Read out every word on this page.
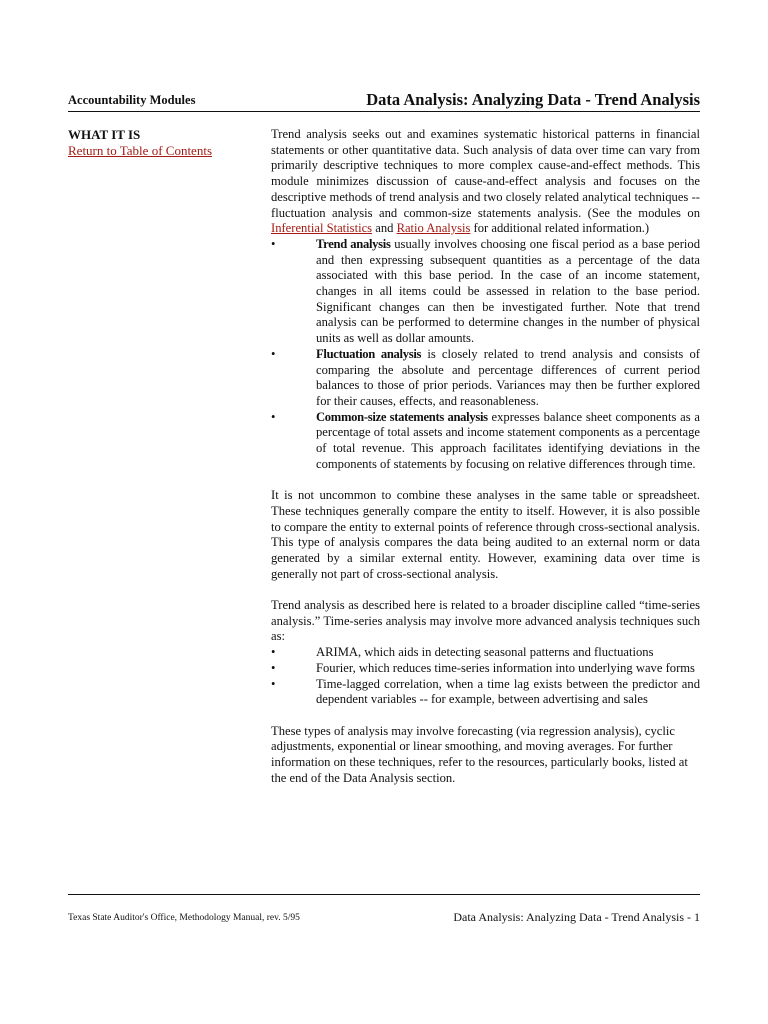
Accountability Modules	Data Analysis: Analyzing Data - Trend Analysis
WHAT IT IS
Return to Table of Contents

Trend analysis seeks out and examines systematic historical patterns in financial statements or other quantitative data. Such analysis of data over time can vary from primarily descriptive techniques to more complex cause-and-effect methods. This module minimizes discussion of cause-and-effect analysis and focuses on the descriptive methods of trend analysis and two closely related analytical techniques -- fluctuation analysis and common-size statements analysis. (See the modules on Inferential Statistics and Ratio Analysis for additional related information.)

•	Trend analysis usually involves choosing one fiscal period as a base period and then expressing subsequent quantities as a percentage of the data associated with this base period. In the case of an income statement, changes in all items could be assessed in relation to the base period. Significant changes can then be investigated further. Note that trend analysis can be performed to determine changes in the number of physical units as well as dollar amounts.
•	Fluctuation analysis is closely related to trend analysis and consists of comparing the absolute and percentage differences of current period balances to those of prior periods. Variances may then be further explored for their causes, effects, and reasonableness.
•	Common-size statements analysis expresses balance sheet components as a percentage of total assets and income statement components as a percentage of total revenue. This approach facilitates identifying deviations in the components of statements by focusing on relative differences through time.

It is not uncommon to combine these analyses in the same table or spreadsheet. These techniques generally compare the entity to itself. However, it is also possible to compare the entity to external points of reference through cross-sectional analysis. This type of analysis compares the data being audited to an external norm or data generated by a similar external entity. However, examining data over time is generally not part of cross-sectional analysis.

Trend analysis as described here is related to a broader discipline called “time-series analysis.” Time-series analysis may involve more advanced analysis techniques such as:

•	ARIMA, which aids in detecting seasonal patterns and fluctuations
•	Fourier, which reduces time-series information into underlying wave forms
•	Time-lagged correlation, when a time lag exists between the predictor and dependent variables -- for example, between advertising and sales

These types of analysis may involve forecasting (via regression analysis), cyclic adjustments, exponential or linear smoothing, and moving averages. For further information on these techniques, refer to the resources, particularly books, listed at the end of the Data Analysis section.

Texas State Auditor's Office, Methodology Manual, rev. 5/95	Data Analysis: Analyzing Data - Trend Analysis - 1
